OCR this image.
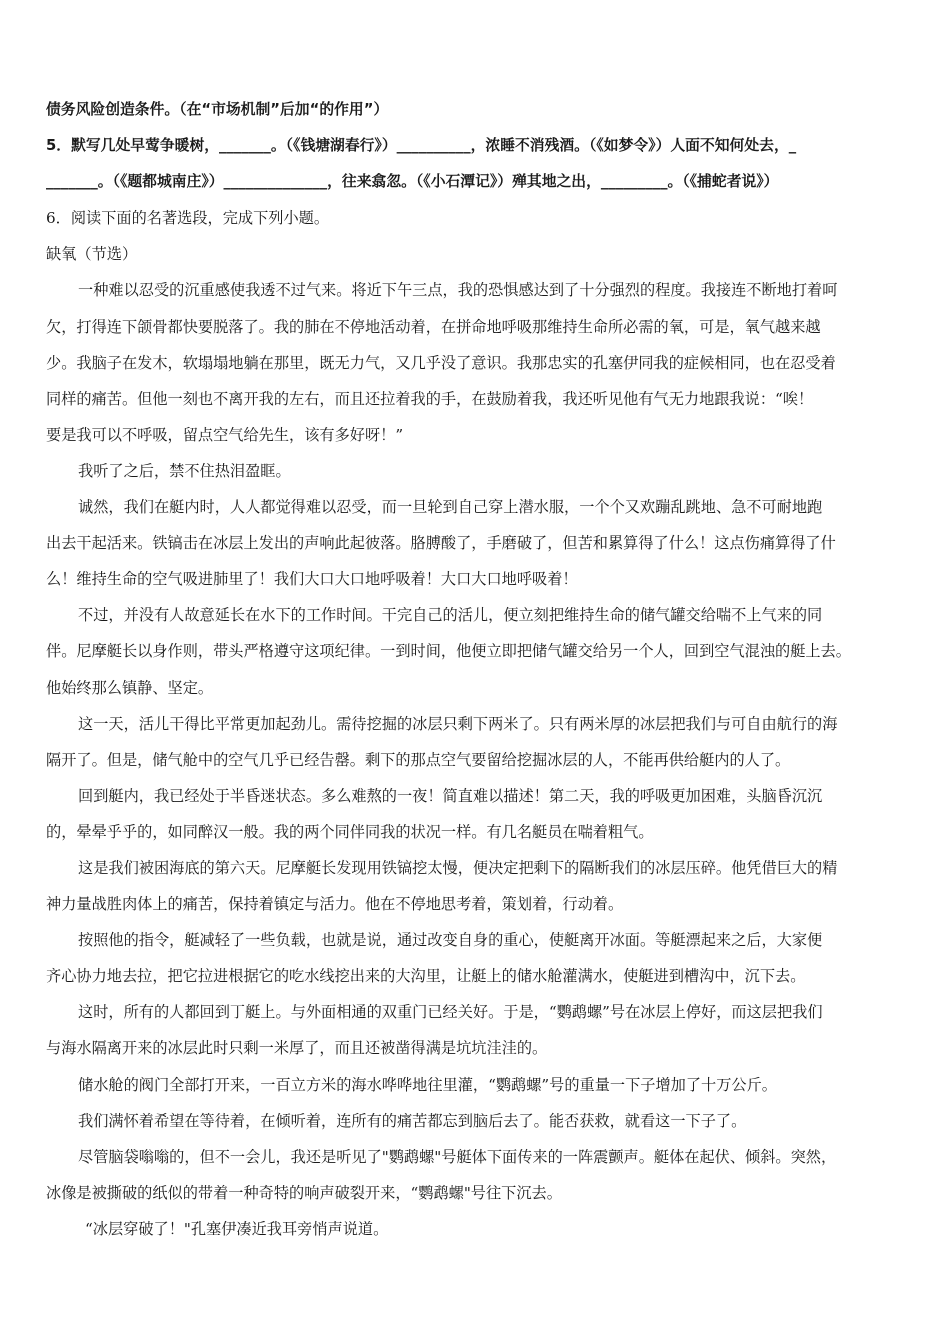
债务风险创造条件。（在“市场机制”后加“的作用”）
5．默写几处早莺争暖树，_______。（《钱塘湖春行》）__________，浓睡不消残酒。（《如梦令》）人面不知何处去，_
_______。（《题都城南庄》）______________，往来翕忽。（《小石潭记》）殚其地之出，_________。（《捕蛇者说》）
6．阅读下面的名著选段，完成下列小题。
缺氧（节选）
一种难以忍受的沉重感使我透不过气来。将近下午三点，我的恐惧感达到了十分强烈的程度。我接连不断地打着呵
欠，打得连下颌骨都快要脱落了。我的肺在不停地活动着，在拼命地呼吸那维持生命所必需的氧，可是，氧气越来越
少。我脑子在发木，软塌塌地躺在那里，既无力气，又几乎没了意识。我那忠实的孔塞伊同我的症候相同，也在忍受着
同样的痛苦。但他一刻也不离开我的左右，而且还拉着我的手，在鼓励着我，我还听见他有气无力地跟我说：“唉！
要是我可以不呼吸，留点空气给先生，该有多好呀！”
我听了之后，禁不住热泪盈眶。
诚然，我们在艇内时，人人都觉得难以忍受，而一旦轮到自己穿上潜水服，一个个又欢蹦乱跳地、急不可耐地跑
出去干起活来。铁镐击在冰层上发出的声响此起彼落。胳膊酸了，手磨破了，但苦和累算得了什么！这点伤痛算得了什
么！维持生命的空气吸进肺里了！我们大口大口地呼吸着！大口大口地呼吸着！
不过，并没有人故意延长在水下的工作时间。干完自己的活儿，便立刻把维持生命的储气罐交给喘不上气来的同
伴。尼摩艇长以身作则，带头严格遵守这项纪律。一到时间，他便立即把储气罐交给另一个人，回到空气混浊的艇上去。
他始终那么镇静、坚定。
这一天，活儿干得比平常更加起劲儿。需待挖掘的冰层只剩下两米了。只有两米厚的冰层把我们与可自由航行的海
隔开了。但是，储气舱中的空气几乎已经告罄。剩下的那点空气要留给挖掘冰层的人，不能再供给艇内的人了。
回到艇内，我已经处于半昏迷状态。多么难熬的一夜！简直难以描述！第二天，我的呼吸更加困难，头脑昏沉沉
的，晕晕乎乎的，如同醉汉一般。我的两个同伴同我的状况一样。有几名艇员在喘着粗气。
这是我们被困海底的第六天。尼摩艇长发现用铁镐挖太慢，便决定把剩下的隔断我们的冰层压碎。他凭借巨大的精
神力量战胜肉体上的痛苦，保持着镇定与活力。他在不停地思考着，策划着，行动着。
按照他的指令，艇减轻了一些负载，也就是说，通过改变自身的重心，使艇离开冰面。等艇漂起来之后，大家便
齐心协力地去拉，把它拉进根据它的吃水线挖出来的大沟里，让艇上的储水舱灌满水，使艇进到槽沟中，沉下去。
这时，所有的人都回到丁艇上。与外面相通的双重门已经关好。于是，“鹦鹉螺”号在冰层上停好，而这层把我们
与海水隔离开来的冰层此时只剩一米厚了，而且还被凿得满是坑坑洼洼的。
储水舱的阀门全部打开来，一百立方米的海水哗哗地往里灌，“鹦鹉螺”号的重量一下子增加了十万公斤。
我们满怀着希望在等待着，在倾听着，连所有的痛苦都忘到脑后去了。能否获救，就看这一下子了。
尽管脑袋嗡嗡的，但不一会儿，我还是听见了"鹦鹉螺"号艇体下面传来的一阵震颤声。艇体在起伏、倾斜。突然，
冰像是被撕破的纸似的带着一种奇特的响声破裂开来，“鹦鹉螺"号往下沉去。
“冰层穿破了！"孔塞伊凑近我耳旁悄声说道。
